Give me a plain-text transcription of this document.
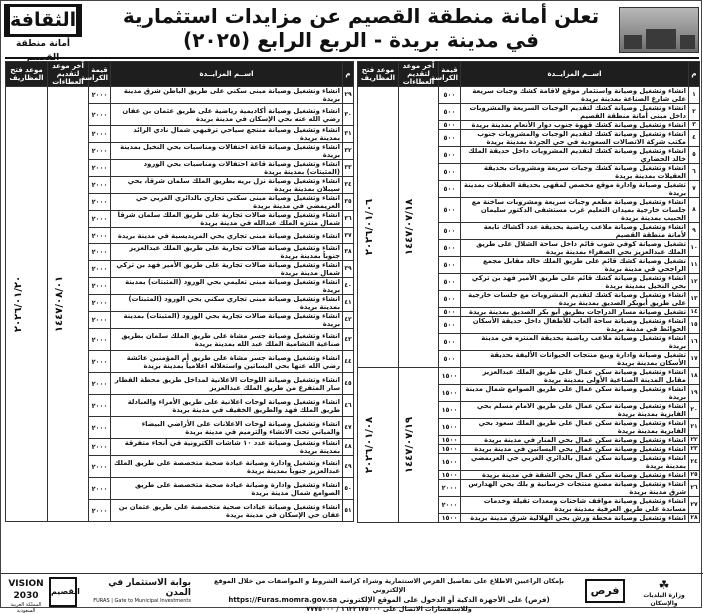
الثقافة
أمانة منطقة
تعلن أمانة منطقة القصيم عن مزايدات استثمارية
في مدينة بريدة - الربع الرابع (٢٠٢٥)
م	اســم المزايــدة	قيمة الكراسة	آخر موعد لتقديم العطاءات	موعد فتح المظاريف
١	انشاء وتشغيل وصيانة واستثمار موقع لاقامة كشك وجبات سريعة على شارع الصناعة بمدينة بريدة	٥٠٠	١٤٤٧/٠٧/١٨	٢٠٢٦/٠١/٠٦
٢	انشاء وتشغيل وصيانة كشك لتقديم الوجبات السريعة والمشروبات داخل مبنى أمانة منطقة القصيم	٥٠٠		
٣	انشاء وتشغيل وصيانة كشك قهوة جنوب دوار الأنعام بمدينة بريدة	٥٠٠		
٤	انشاء وتشغيل وصيانة كشك لتقديم الوجبات والمشروبات جنوب مكتب شركة الاتصالات السعودية في حي الجردة بمدينة بريدة	٥٠٠		
٥	انشاء وتشغيل وصيانة كشك لتقديم المشروبات داخل حديقة الملك خالد الحضاري	٥٠٠		
٦	انشاء وتشغيل وصيانة كشك وجبات سريعة ومشروبات بحديقة العقيلات بمدينة بريدة	٥٠٠		
٧	تشغيل وصيانة وادارة موقع مخصص لمقهى بحديقة العقيلات بمدينة بريدة	٥٠٠		
٨	انشاء وتشغيل وصيانة مطعم وجبات سريعة ومشروبات ساخنة مع جلسات خارجية بميدان التعليم غرب مستشفى الدكتور سليمان الحبيب بمدينة بريدة	٥٠٠		
٩	انشاء وتشغيل وصيانة ملاعب رياضية بحديقة عدد أكشاك تابعة لأمانة منطقة القصيم	٥٠٠		
١٠	تشغيل وصيانة كوفي شوب قائم داخل ساحة الشلال على طريق الملك عبدالعزيز بحي الصفراء بمدينة بريدة	٥٠٠		
١١	تشغيل وصيانة كشك قائم على طريق الملك خالد مقابل مجمع الراجحي في مدينة بريدة	٥٠٠		
١٢	انشاء وتشغيل وصيانة كشك قائم على طريق الأمير فهد بن تركي بحي النخيل بمدينة بريدة	٥٠٠		
١٣	انشاء وتشغيل وصيانة كشك لتقديم المشروبات مع جلسات خارجية على طريق أبوبكر الصديق بمدينة بريدة	٥٠٠		
١٤	تشغيل وصيانة مسار الدراجات بطريق أبو بكر الصديق بمدينة بريدة	٥٠٠		
١٥	انشاء وتشغيل وصيانة ساحة ألعاب للأطفال داخل حديقة الأسكان الحوائط في مدينة بريدة	٥٠٠		
١٦	انشاء وتشغيل وصيانة ملاعب رياضية بحديقة المنتزه في مدينة بريدة	٥٠٠		
١٧	تشغيل وصيانة وادارة وبيع منتجات الحيوانات الأليفة بحديقة الأسكان بمدينة بريدة	٥٠٠		
١٨	انشاء وتشغيل وصيانة سكن عمال على طريق الملك عبدالعزيز مقابل المدينة الصناعية الأولى بمدينة بريدة	١٥٠٠	١٤٤٧/٠٧/١٩	٢٠٢٦/٠١/٠٨
١٩	انشاء وتشغيل وصيانة سكن عمال على طريق الصوامع شمال مدينة بريدة	١٥٠٠		
٢٠	انشاء وتشغيل وصيانة سكن عمال على طريق الامام مسلم بحي الفايزية بمدينة بريدة	١٥٠٠		
٢١	انشاء وتشغيل وصيانة سكن عمال على طريق الملك سعود بحي الفايزية بمدينة بريدة	١٥٠٠		
٢٢	انشاء وتشغيل وصيانة سكن عمال بحي المنار في مدينة بريدة	١٥٠٠		
٢٣	انشاء وتشغيل وصيانة سكن عمال بحي البساتين في مدينة بريدة	١٥٠٠		
٢٤	انشاء وتشغيل وصيانة سكن عمال بالدائري الغربي حي العريمضي بمدينة بريدة	١٥٠٠		
٢٥	انشاء وتشغيل وصيانة سكن عمال بحي الشقة في مدينة بريدة	١٥٠٠		
٢٦	انشاء وتشغيل وصيانة مصنع منتجات خرسانية و بلك بحي الهدارس شرق مدينة بريدة	٢٠٠٠		
٢٧	انشاء وتشغيل وصيانة مواقف شاحنات ومعدات ثقيلة وخدمات مساندة على طريق العرفية بمدينة بريدة	٢٠٠٠		
٢٨	انشاء وتشغيل وصيانة محطة ورش بحي الهلالية شرق مدينة بريدة	١٥٠٠		
م	اســم المزايــدة	قيمة الكراسة	آخر موعد لتقديم العطاءات	موعد فتح المظاريف
٢٩	انشاء وتشغيل وصيانة مبنى سكني على طريق الباطن شرق مدينة بريدة	٢٠٠٠	١٤٤٧/٠٨/٠١	٢٠٢٦/٠١/٢٠
٣٠	انشاء وتشغيل وصيانة أكاديمية رياضية على طريق عثمان بن عفان رضي الله عنه بحي الإسكان في مدينة بريدة	٢٠٠٠		
٣١	انشاء وتشغيل وصيانة منتجع سياحي ترفيهي شمال نادي الرائد بمدينة بريدة	٢٠٠٠		
٣٢	انشاء وتشغيل وصيانة قاعة احتفالات ومناسبات بحي النخيل بمدينة بريدة	٢٠٠٠		
٣٣	انشاء وتشغيل وصيانة قاعة احتفالات ومناسبات بحي الورود (المثبتات) بمدينة بريدة	٢٠٠٠		
٣٤	انشاء وتشغيل وصيانة نزل بريه بطريق الملك سلمان شرقاً، بحي سيبلان بمدينة بريدة	٢٠٠٠		
٣٥	انشاء وتشغيل وصيانة مبنى سكني تجاري بالدائري الغربي حي العريمضي في مدينة بريدة	٢٠٠٠		
٣٦	انشاء وتشغيل وصيانة صالات تجارية على طريق الملك سلمان شرقاً شمال منتزه الملك عبدالله في مدينة بريدة	٢٠٠٠		
٣٧	انشاء وتشغيل وصيانة مبنى تجاري بحي المريديسية في مدينة بريدة	٢٠٠٠		
٣٨	انشاء وتشغيل وصيانة صالات تجارية على طريق الملك عبدالعزيز جنوباً بمدينة بريدة	٢٠٠٠		
٣٩	انشاء وتشغيل وصيانة صالات تجارية على طريق الأمير فهد بن تركي شمال مدينة بريدة	٢٠٠٠		
٤٠	انشاء وتشغيل وصيانة مبنى تعليمي بحي الورود (المثبتات) بمدينة بريدة	٢٠٠٠		
٤١	انشاء وتشغيل وصيانة مبنى تجاري سكني بحي الورود (المثبتات) بمدينة بريدة	٢٠٠٠		
٤٢	انشاء وتشغيل وصيانة صالات تجارية بحي الورود (المثبتات) بمدينة بريدة	٢٠٠٠		
٤٣	انشاء وتشغيل وصيانة جسر مشاة على طريق الملك سلمان بطريق صناعية النشامية الملك عبد الله بمدينة بريدة	٢٠٠٠		
٤٤	انشاء وتشغيل وصيانة جسر مشاة على طريق أم المؤمنين عائشة رضي الله عنها بحي البساتين واستغلاله اعلامياً بمدينة بريدة	٢٠٠٠		
٤٥	انشاء وتشغيل وصيانة اللوحات الاعلانية لمداخل طريق محطة القطار سار المتفرع من طريق الملك عبدالعزيز	٢٠٠٠		
٤٦	انشاء وتشغيل وصيانة لوحات اعلانية على طريق الأمراء والعبادلة طريق الملك فهد والطريق الخفيف في مدينة بريدة	٢٠٠٠		
٤٧	انشاء وتشغيل وصيانة لوحات الاعلانات على الأراضي البيضاء والمباني تحت الانشاء والترميم في مدينة بريدة	٢٠٠٠		
٤٨	انشاء وتشغيل وصيانة عدد ١٠ شاشات الكترونية في أنحاء متفرقة بمدينة بريدة	٢٠٠٠		
٤٩	انشاء وتشغيل وادارة وصيانة عيادة صحية متخصصة على طريق الملك عبدالعزيز جنوباً بمدينة بريدة	٢٠٠٠		
٥٠	انشاء وتشغيل وادارة وصيانة عيادة صحية متخصصة على طريق الصوامع شمال مدينة بريدة	٢٠٠٠		
٥١	انشاء وتشغيل وصيانة عيادات صحية متخصصة على طريق عثمان بن عفان حي الإسكان في مدينة بريدة	٢٠٠٠		
VISION 2030
المملكة العربية السعودية
القصيم
بوابة الاستثمار في المدن
FURAS | Gate to Municipal Investments
بإمكان الراغبين الاطلاع على تفاصيل الفرص الاستثمارية وشراء كراسة الشروط و المواصفات من خلال الموقع الإلكتروني
(فرص) على الأجهزة الذكية أو الدخول على الموقع الإلكتروني https://Furas.momra.gov.sa
وللاستفسارات الاتصال على ١٦٣٢٦٧٥٠٠٠ / ٧٧٧٥٠٠٠
فرص	☘
وزارة البلديات والإسكان
